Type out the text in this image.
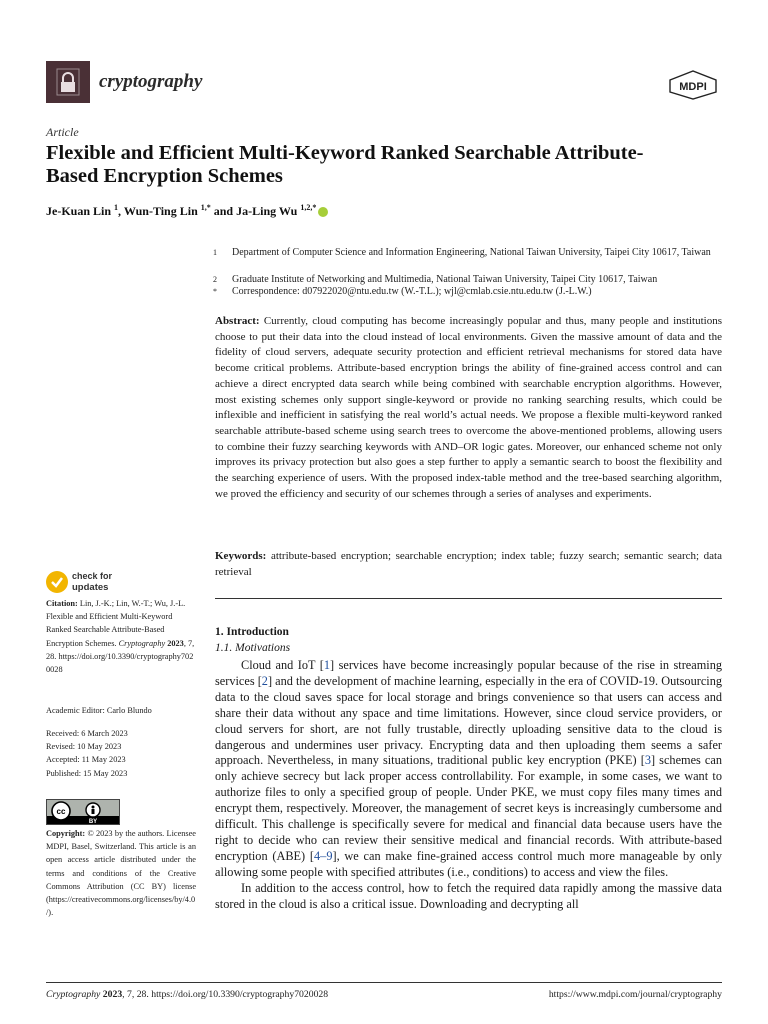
cryptography	MDPI
Article
Flexible and Efficient Multi-Keyword Ranked Searchable Attribute-Based Encryption Schemes
Je-Kuan Lin $^1$, Wun-Ting Lin $^{1,*}$ and Ja-Ling Wu $^{1,2,*}$
1 Department of Computer Science and Information Engineering, National Taiwan University, Taipei City 10617, Taiwan
2 Graduate Institute of Networking and Multimedia, National Taiwan University, Taipei City 10617, Taiwan
* Correspondence: d07922020@ntu.edu.tw (W.-T.L.); wjl@cmlab.csie.ntu.edu.tw (J.-L.W.)
Abstract: Currently, cloud computing has become increasingly popular and thus, many people and institutions choose to put their data into the cloud instead of local environments. Given the massive amount of data and the fidelity of cloud servers, adequate security protection and efficient retrieval mechanisms for stored data have become critical problems. Attribute-based encryption brings the ability of fine-grained access control and can achieve a direct encrypted data search while being combined with searchable encryption algorithms. However, most existing schemes only support single-keyword or provide no ranking searching results, which could be inflexible and inefficient in satisfying the real world’s actual needs. We propose a flexible multi-keyword ranked searchable attribute-based scheme using search trees to overcome the above-mentioned problems, allowing users to combine their fuzzy searching keywords with AND–OR logic gates. Moreover, our enhanced scheme not only improves its privacy protection but also goes a step further to apply a semantic search to boost the flexibility and the searching experience of users. With the proposed index-table method and the tree-based searching algorithm, we proved the efficiency and security of our schemes through a series of analyses and experiments.
Keywords: attribute-based encryption; searchable encryption; index table; fuzzy search; semantic search; data retrieval
check for
updates
Citation: Lin, J.-K.; Lin, W.-T.; Wu, J.-L. Flexible and Efficient Multi-Keyword Ranked Searchable Attribute-Based Encryption Schemes. Cryptography 2023, 7, 28. https://doi.org/10.3390/cryptography7020028
Academic Editor: Carlo Blundo
Received: 6 March 2023
Revised: 10 May 2023
Accepted: 11 May 2023
Published: 15 May 2023
cc
BY
Copyright: © 2023 by the authors. Licensee MDPI, Basel, Switzerland. This article is an open access article distributed under the terms and conditions of the Creative Commons Attribution (CC BY) license (https://creativecommons.org/licenses/by/4.0/).
1. Introduction
1.1. Motivations

Cloud and IoT [1] services have become increasingly popular because of the rise in streaming services [2] and the development of machine learning, especially in the era of COVID-19. Outsourcing data to the cloud saves space for local storage and brings convenience so that users can access and share their data without any space and time limitations. However, since cloud service providers, or cloud servers for short, are not fully trustable, directly uploading sensitive data to the cloud is dangerous and undermines user privacy. Encrypting data and then uploading them seems a safer approach. Nevertheless, in many situations, traditional public key encryption (PKE) [3] schemes can only achieve secrecy but lack proper access controllability. For example, in some cases, we want to authorize files to only a specified group of people. Under PKE, we must copy files many times and encrypt them, respectively. Moreover, the management of secret keys is increasingly cumbersome and difficult. This challenge is specifically severe for medical and financial data because users have the right to decide who can review their sensitive medical and financial records. With attribute-based encryption (ABE) [4–9], we can make fine-grained access control much more manageable by only allowing some people with specified attributes (i.e., conditions) to access and view the files.

In addition to the access control, how to fetch the required data rapidly among the massive data stored in the cloud is also a critical issue. Downloading and decrypting all

Cryptography 2023, 7, 28. https://doi.org/10.3390/cryptography7020028	https://www.mdpi.com/journal/cryptography
